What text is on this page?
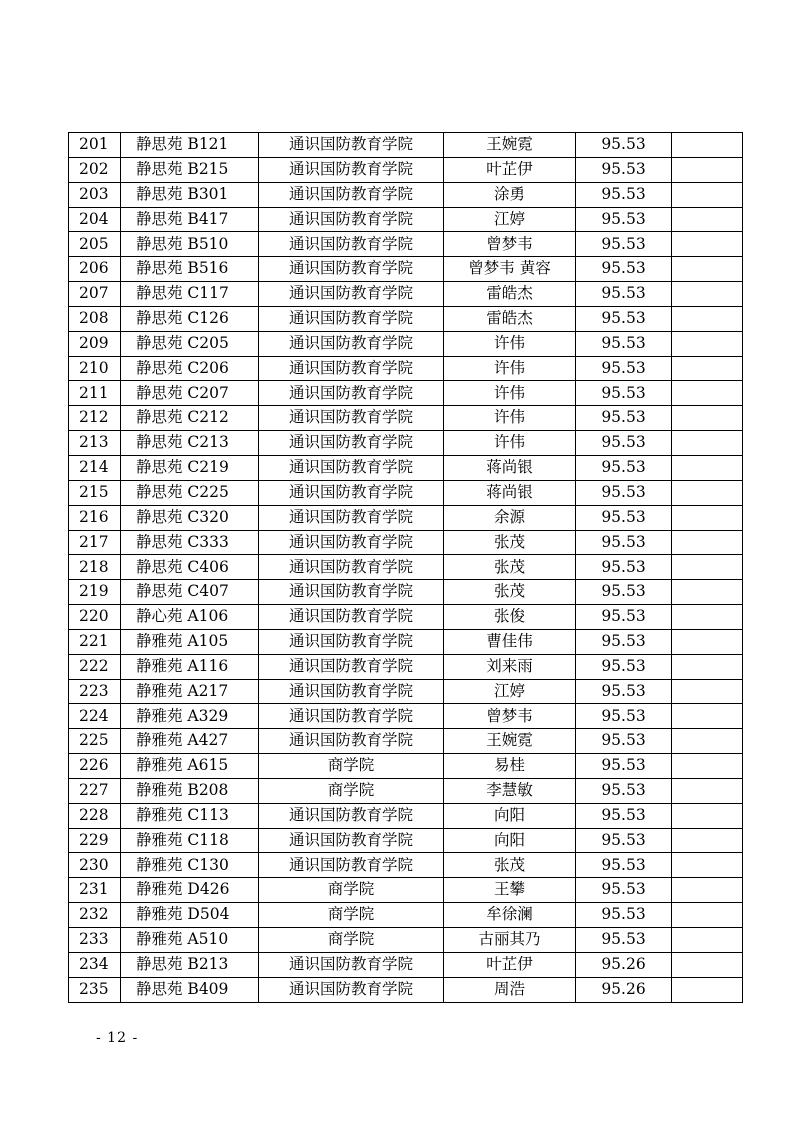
201	静思苑 B121	通识国防教育学院	王婉霓	95.53	
202	静思苑 B215	通识国防教育学院	叶芷伊	95.53	
203	静思苑 B301	通识国防教育学院	涂勇	95.53	
204	静思苑 B417	通识国防教育学院	江婷	95.53	
205	静思苑 B510	通识国防教育学院	曾梦韦	95.53	
206	静思苑 B516	通识国防教育学院	曾梦韦 黄容	95.53	
207	静思苑 C117	通识国防教育学院	雷皓杰	95.53	
208	静思苑 C126	通识国防教育学院	雷皓杰	95.53	
209	静思苑 C205	通识国防教育学院	许伟	95.53	
210	静思苑 C206	通识国防教育学院	许伟	95.53	
211	静思苑 C207	通识国防教育学院	许伟	95.53	
212	静思苑 C212	通识国防教育学院	许伟	95.53	
213	静思苑 C213	通识国防教育学院	许伟	95.53	
214	静思苑 C219	通识国防教育学院	蒋尚银	95.53	
215	静思苑 C225	通识国防教育学院	蒋尚银	95.53	
216	静思苑 C320	通识国防教育学院	余源	95.53	
217	静思苑 C333	通识国防教育学院	张茂	95.53	
218	静思苑 C406	通识国防教育学院	张茂	95.53	
219	静思苑 C407	通识国防教育学院	张茂	95.53	
220	静心苑 A106	通识国防教育学院	张俊	95.53	
221	静雅苑 A105	通识国防教育学院	曹佳伟	95.53	
222	静雅苑 A116	通识国防教育学院	刘来雨	95.53	
223	静雅苑 A217	通识国防教育学院	江婷	95.53	
224	静雅苑 A329	通识国防教育学院	曾梦韦	95.53	
225	静雅苑 A427	通识国防教育学院	王婉霓	95.53	
226	静雅苑 A615	商学院	易桂	95.53	
227	静雅苑 B208	商学院	李慧敏	95.53	
228	静雅苑 C113	通识国防教育学院	向阳	95.53	
229	静雅苑 C118	通识国防教育学院	向阳	95.53	
230	静雅苑 C130	通识国防教育学院	张茂	95.53	
231	静雅苑 D426	商学院	王攀	95.53	
232	静雅苑 D504	商学院	牟徐澜	95.53	
233	静雅苑 A510	商学院	古丽其乃	95.53	
234	静思苑 B213	通识国防教育学院	叶芷伊	95.26	
235	静思苑 B409	通识国防教育学院	周浩	95.26	
- 12 -
